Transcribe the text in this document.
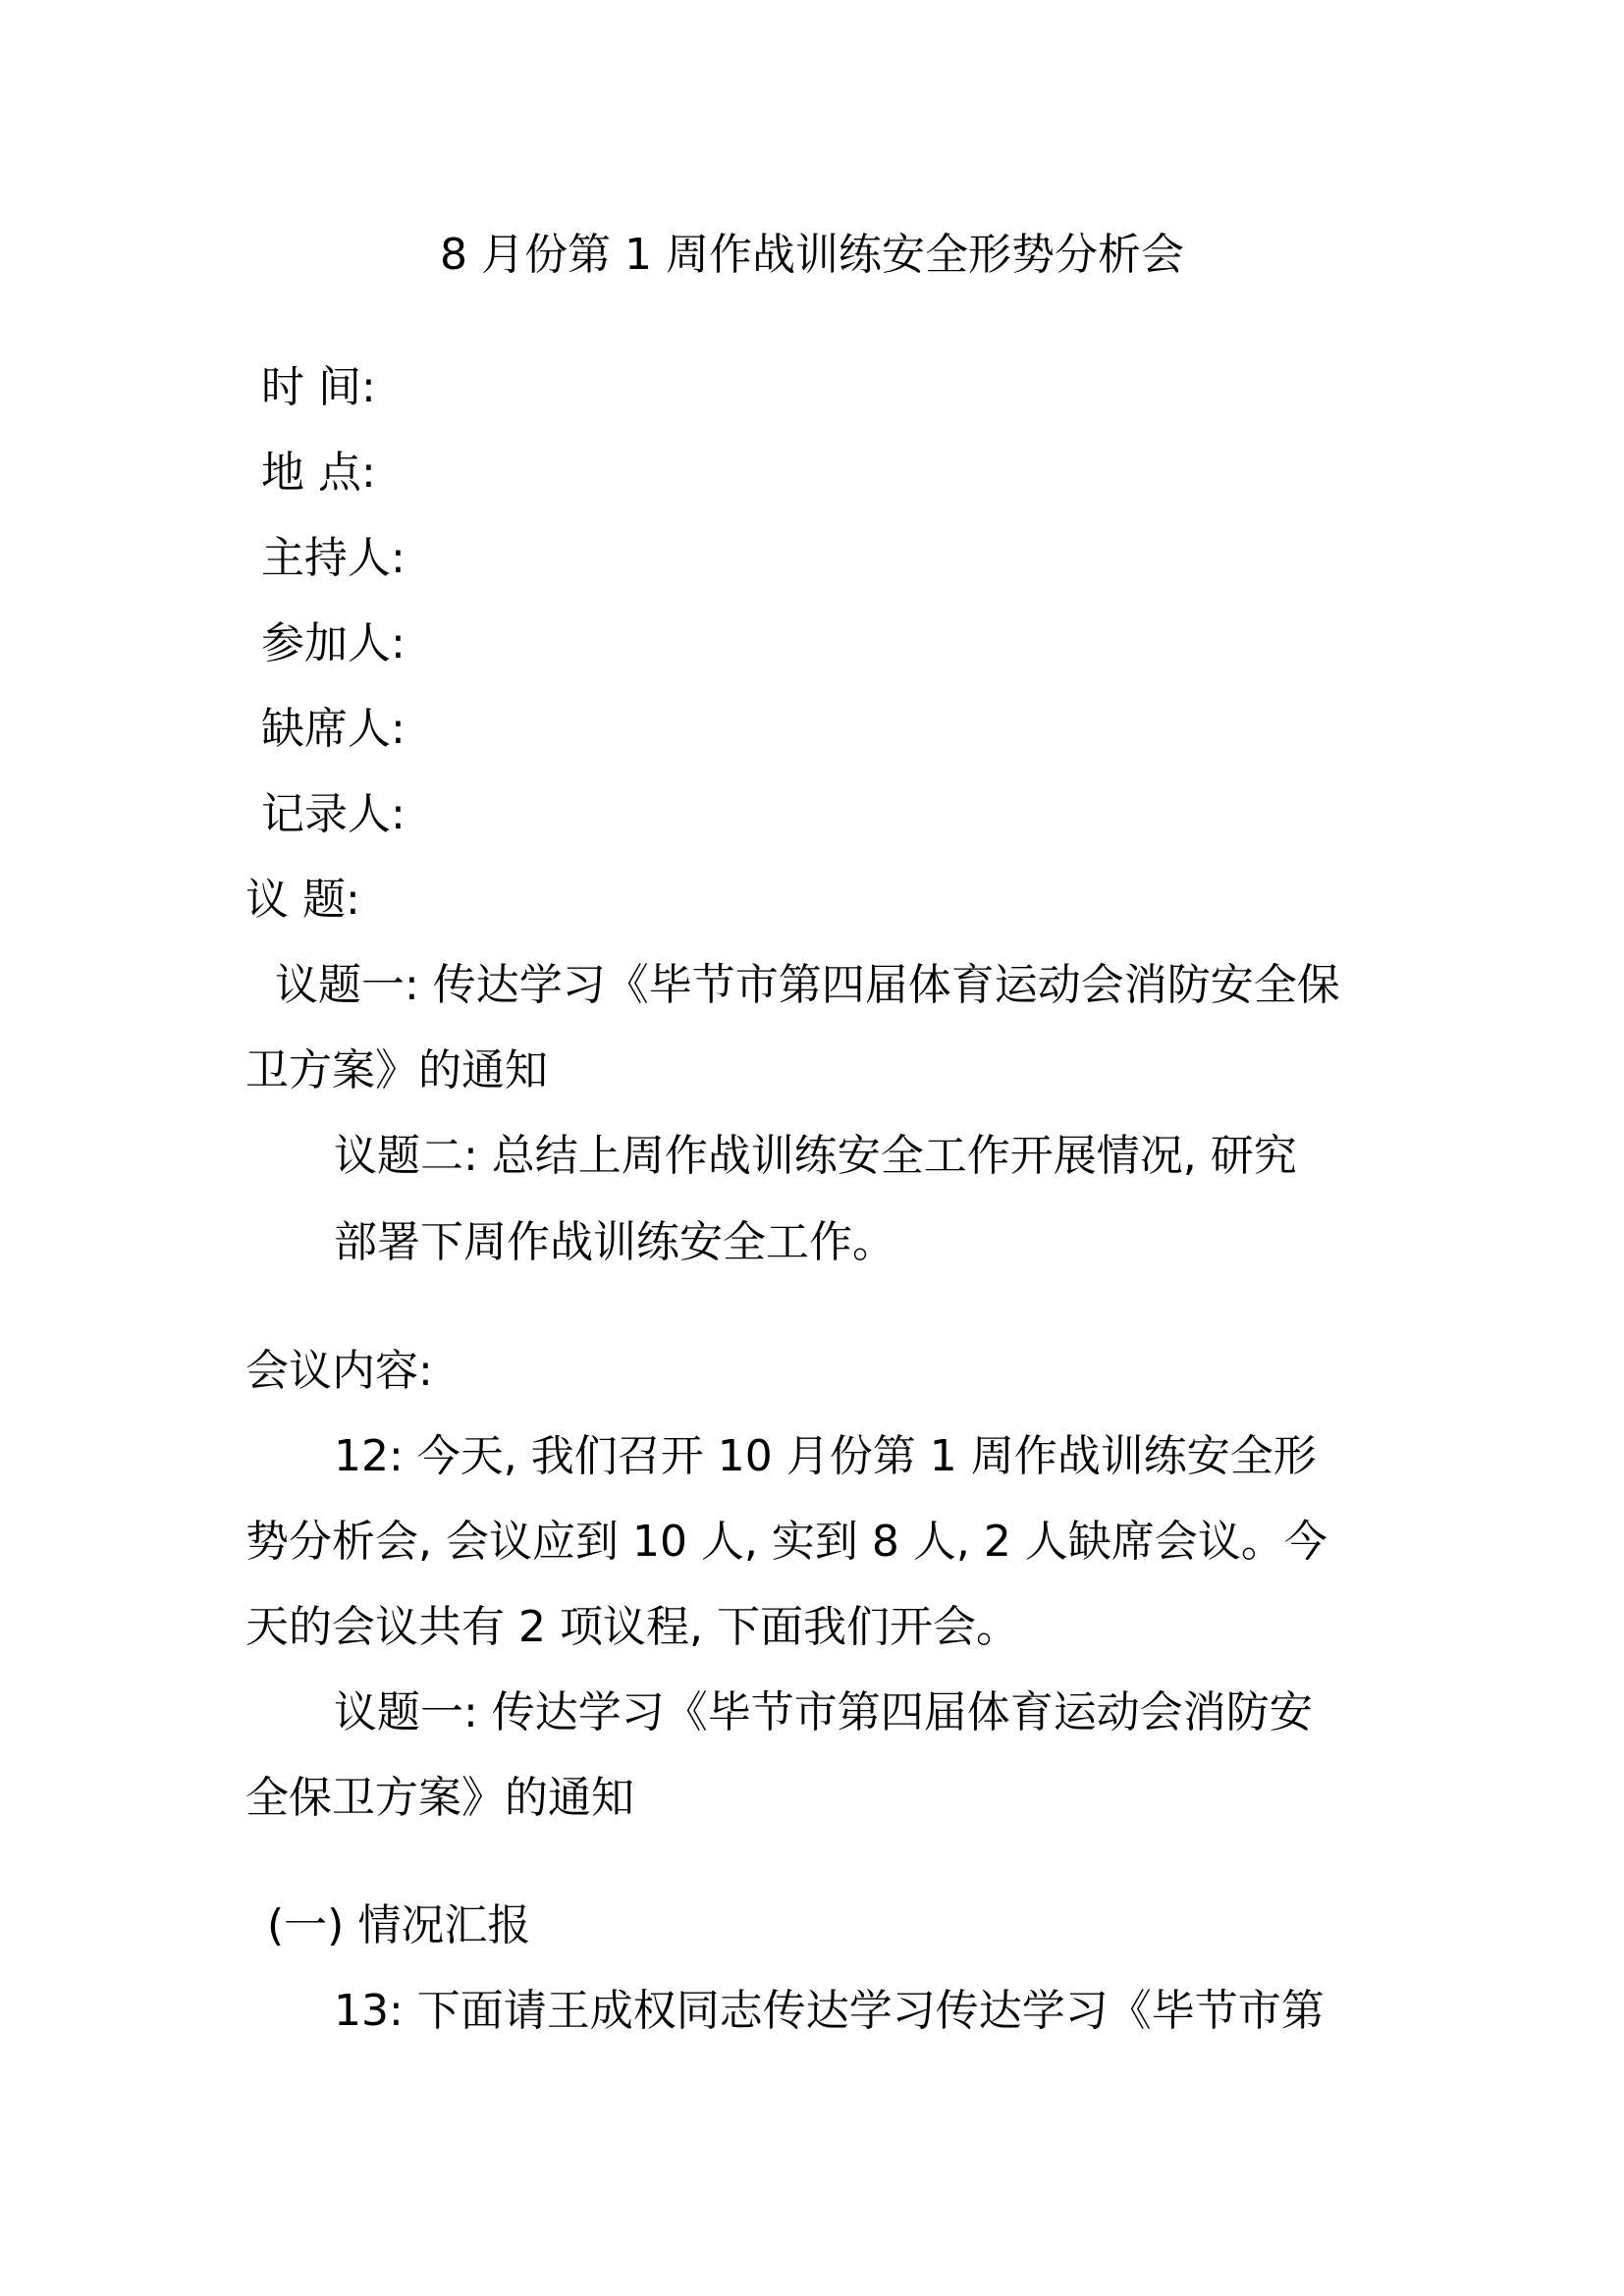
8 月份第 1 周作战训练安全形势分析会
时 间:
地 点:
主持人:
参加人:
缺席人:
记录人:
议 题:
议题一: 传达学习《毕节市第四届体育运动会消防安全保
卫方案》的通知
议题二: 总结上周作战训练安全工作开展情况, 研究
部署下周作战训练安全工作。
会议内容:
12: 今天, 我们召开 10 月份第 1 周作战训练安全形
势分析会, 会议应到 10 人, 实到 8 人, 2 人缺席会议。今
天的会议共有 2 项议程, 下面我们开会。
议题一: 传达学习《毕节市第四届体育运动会消防安
全保卫方案》的通知
(一) 情况汇报
13: 下面请王成权同志传达学习传达学习《毕节市第
